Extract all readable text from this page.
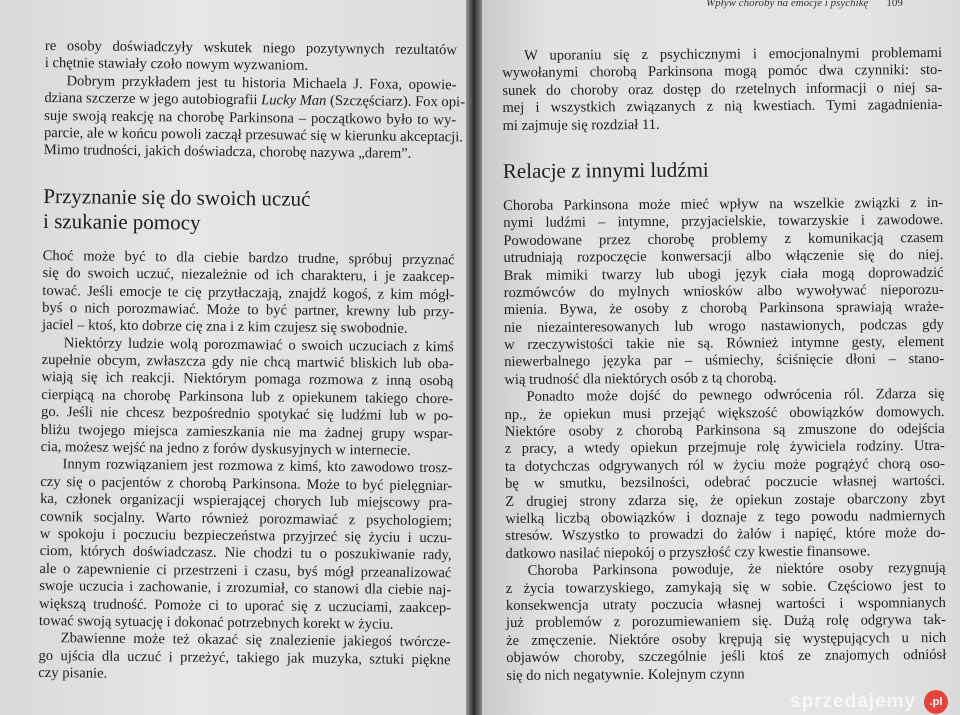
re osoby doświadczyły wskutek niego pozytywnych rezultatów
i chętnie stawiały czoło nowym wyzwaniom.
Dobrym przykładem jest tu historia Michaela J. Foxa, opowie-
dziana szczerze w jego autobiografii Lucky Man (Szczęściarz). Fox opi-
suje swoją reakcję na chorobę Parkinsona – początkowo było to wy-
parcie, ale w końcu powoli zaczął przesuwać się w kierunku akceptacji.
Mimo trudności, jakich doświadcza, chorobę nazywa „darem”.
Przyznanie się do swoich uczuć
i szukanie pomocy
Choć może być to dla ciebie bardzo trudne, spróbuj przyznać
się do swoich uczuć, niezależnie od ich charakteru, i je zaakcep-
tować. Jeśli emocje te cię przytłaczają, znajdź kogoś, z kim mógł-
byś o nich porozmawiać. Może to być partner, krewny lub przy-
jaciel – ktoś, kto dobrze cię zna i z kim czujesz się swobodnie.
Niektórzy ludzie wolą porozmawiać o swoich uczuciach z kimś
zupełnie obcym, zwłaszcza gdy nie chcą martwić bliskich lub oba-
wiają się ich reakcji. Niektórym pomaga rozmowa z inną osobą
cierpiącą na chorobę Parkinsona lub z opiekunem takiego chore-
go. Jeśli nie chcesz bezpośrednio spotykać się ludźmi lub w po-
bliżu twojego miejsca zamieszkania nie ma żadnej grupy wspar-
cia, możesz wejść na jedno z forów dyskusyjnych w internecie.
Innym rozwiązaniem jest rozmowa z kimś, kto zawodowo trosz-
czy się o pacjentów z chorobą Parkinsona. Może to być pielęgniar-
ka, członek organizacji wspierającej chorych lub miejscowy pra-
cownik socjalny. Warto również porozmawiać z psychologiem;
w spokoju i poczuciu bezpieczeństwa przyjrzeć się życiu i uczu-
ciom, których doświadczasz. Nie chodzi tu o poszukiwanie rady,
ale o zapewnienie ci przestrzeni i czasu, byś mógł przeanalizować
swoje uczucia i zachowanie, i zrozumiał, co stanowi dla ciebie naj-
większą trudność. Pomoże ci to uporać się z uczuciami, zaakcep-
tować swoją sytuację i dokonać potrzebnych korekt w życiu.
Zbawienne może też okazać się znalezienie jakiegoś twórcze-
go ujścia dla uczuć i przeżyć, takiego jak muzyka, sztuki piękne
czy pisanie.
Wpływ choroby na emocje i psychikę 109
W uporaniu się z psychicznymi i emocjonalnymi problemami
wywołanymi chorobą Parkinsona mogą pomóc dwa czynniki: sto-
sunek do choroby oraz dostęp do rzetelnych informacji o niej sa-
mej i wszystkich związanych z nią kwestiach. Tymi zagadnienia-
mi zajmuje się rozdział 11.
Relacje z innymi ludźmi
Choroba Parkinsona może mieć wpływ na wszelkie związki z in-
nymi ludźmi – intymne, przyjacielskie, towarzyskie i zawodowe.
Powodowane przez chorobę problemy z komunikacją czasem
utrudniają rozpoczęcie konwersacji albo włączenie się do niej.
Brak mimiki twarzy lub ubogi język ciała mogą doprowadzić
rozmówców do mylnych wniosków albo wywoływać nieporozu-
mienia. Bywa, że osoby z chorobą Parkinsona sprawiają wraże-
nie niezainteresowanych lub wrogo nastawionych, podczas gdy
w rzeczywistości takie nie są. Również intymne gesty, element
niewerbalnego języka par – uśmiechy, ściśnięcie dłoni – stano-
wią trudność dla niektórych osób z tą chorobą.
Ponadto może dojść do pewnego odwrócenia ról. Zdarza się
np., że opiekun musi przejąć większość obowiązków domowych.
Niektóre osoby z chorobą Parkinsona są zmuszone do odejścia
z pracy, a wtedy opiekun przejmuje rolę żywiciela rodziny. Utra-
ta dotychczas odgrywanych ról w życiu może pogrążyć chorą oso-
bę w smutku, bezsilności, odebrać poczucie własnej wartości.
Z drugiej strony zdarza się, że opiekun zostaje obarczony zbyt
wielką liczbą obowiązków i doznaje z tego powodu nadmiernych
stresów. Wszystko to prowadzi do żalów i napięć, które może do-
datkowo nasilać niepokój o przyszłość czy kwestie finansowe.
Choroba Parkinsona powoduje, że niektóre osoby rezygnują
z życia towarzyskiego, zamykają się w sobie. Częściowo jest to
konsekwencja utraty poczucia własnej wartości i wspomnianych
już problemów z porozumiewaniem się. Dużą rolę odgrywa tak-
że zmęczenie. Niektóre osoby krępują się występujących u nich
objawów choroby, szczególnie jeśli ktoś ze znajomych odniósł
się do nich negatywnie. Kolejnym czynn
sprzedajemy	.pl
